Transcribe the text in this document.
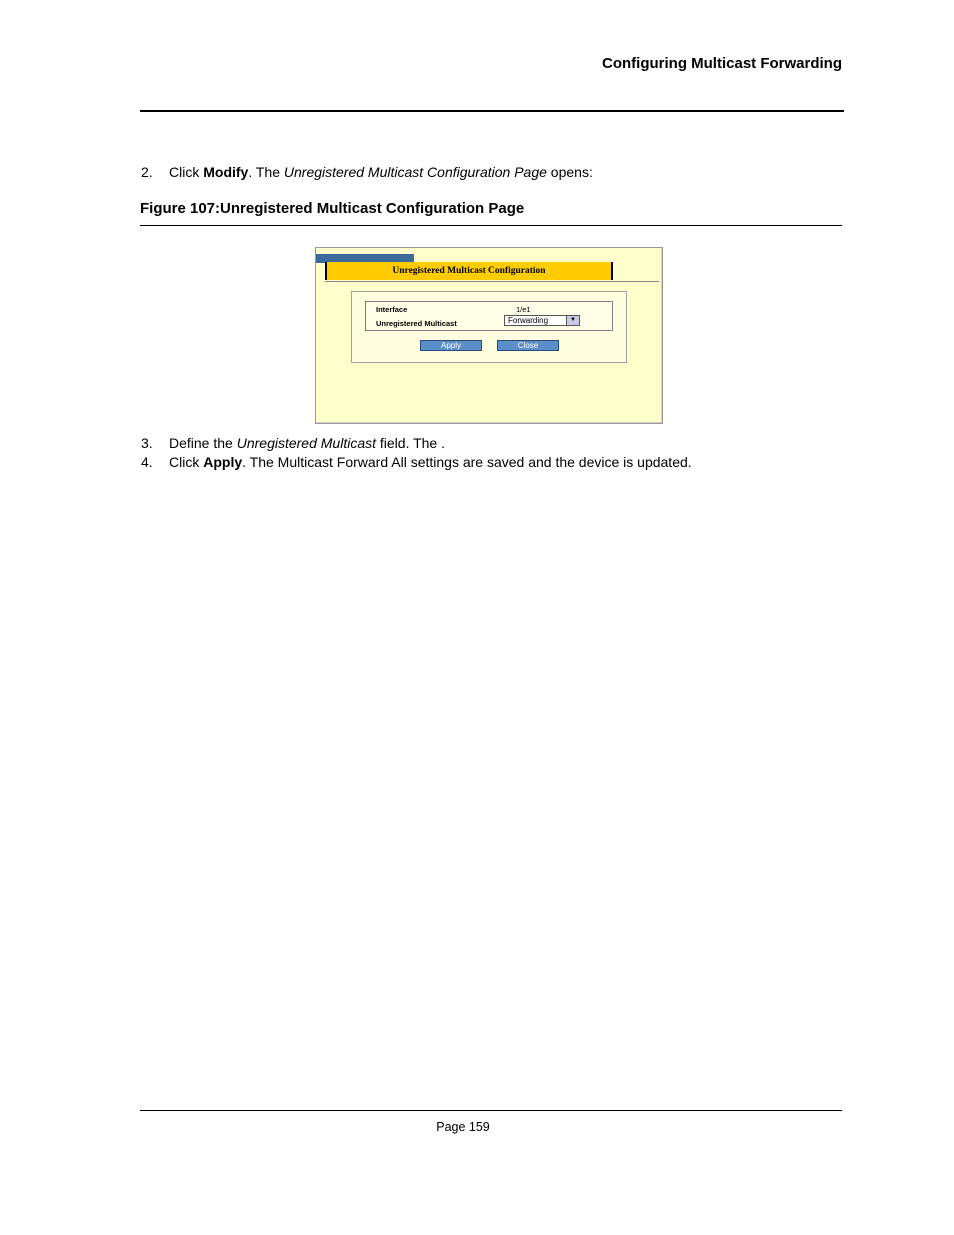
Configuring Multicast Forwarding
2. Click Modify. The Unregistered Multicast Configuration Page opens:
Figure 107:Unregistered Multicast Configuration Page
Unregistered Multicast Configuration
Interface	1/e1
Unregistered Multicast	Forwarding	▼
Apply	Close
3. Define the Unregistered Multicast field. The .
4. Click Apply. The Multicast Forward All settings are saved and the device is updated.
Page 159
